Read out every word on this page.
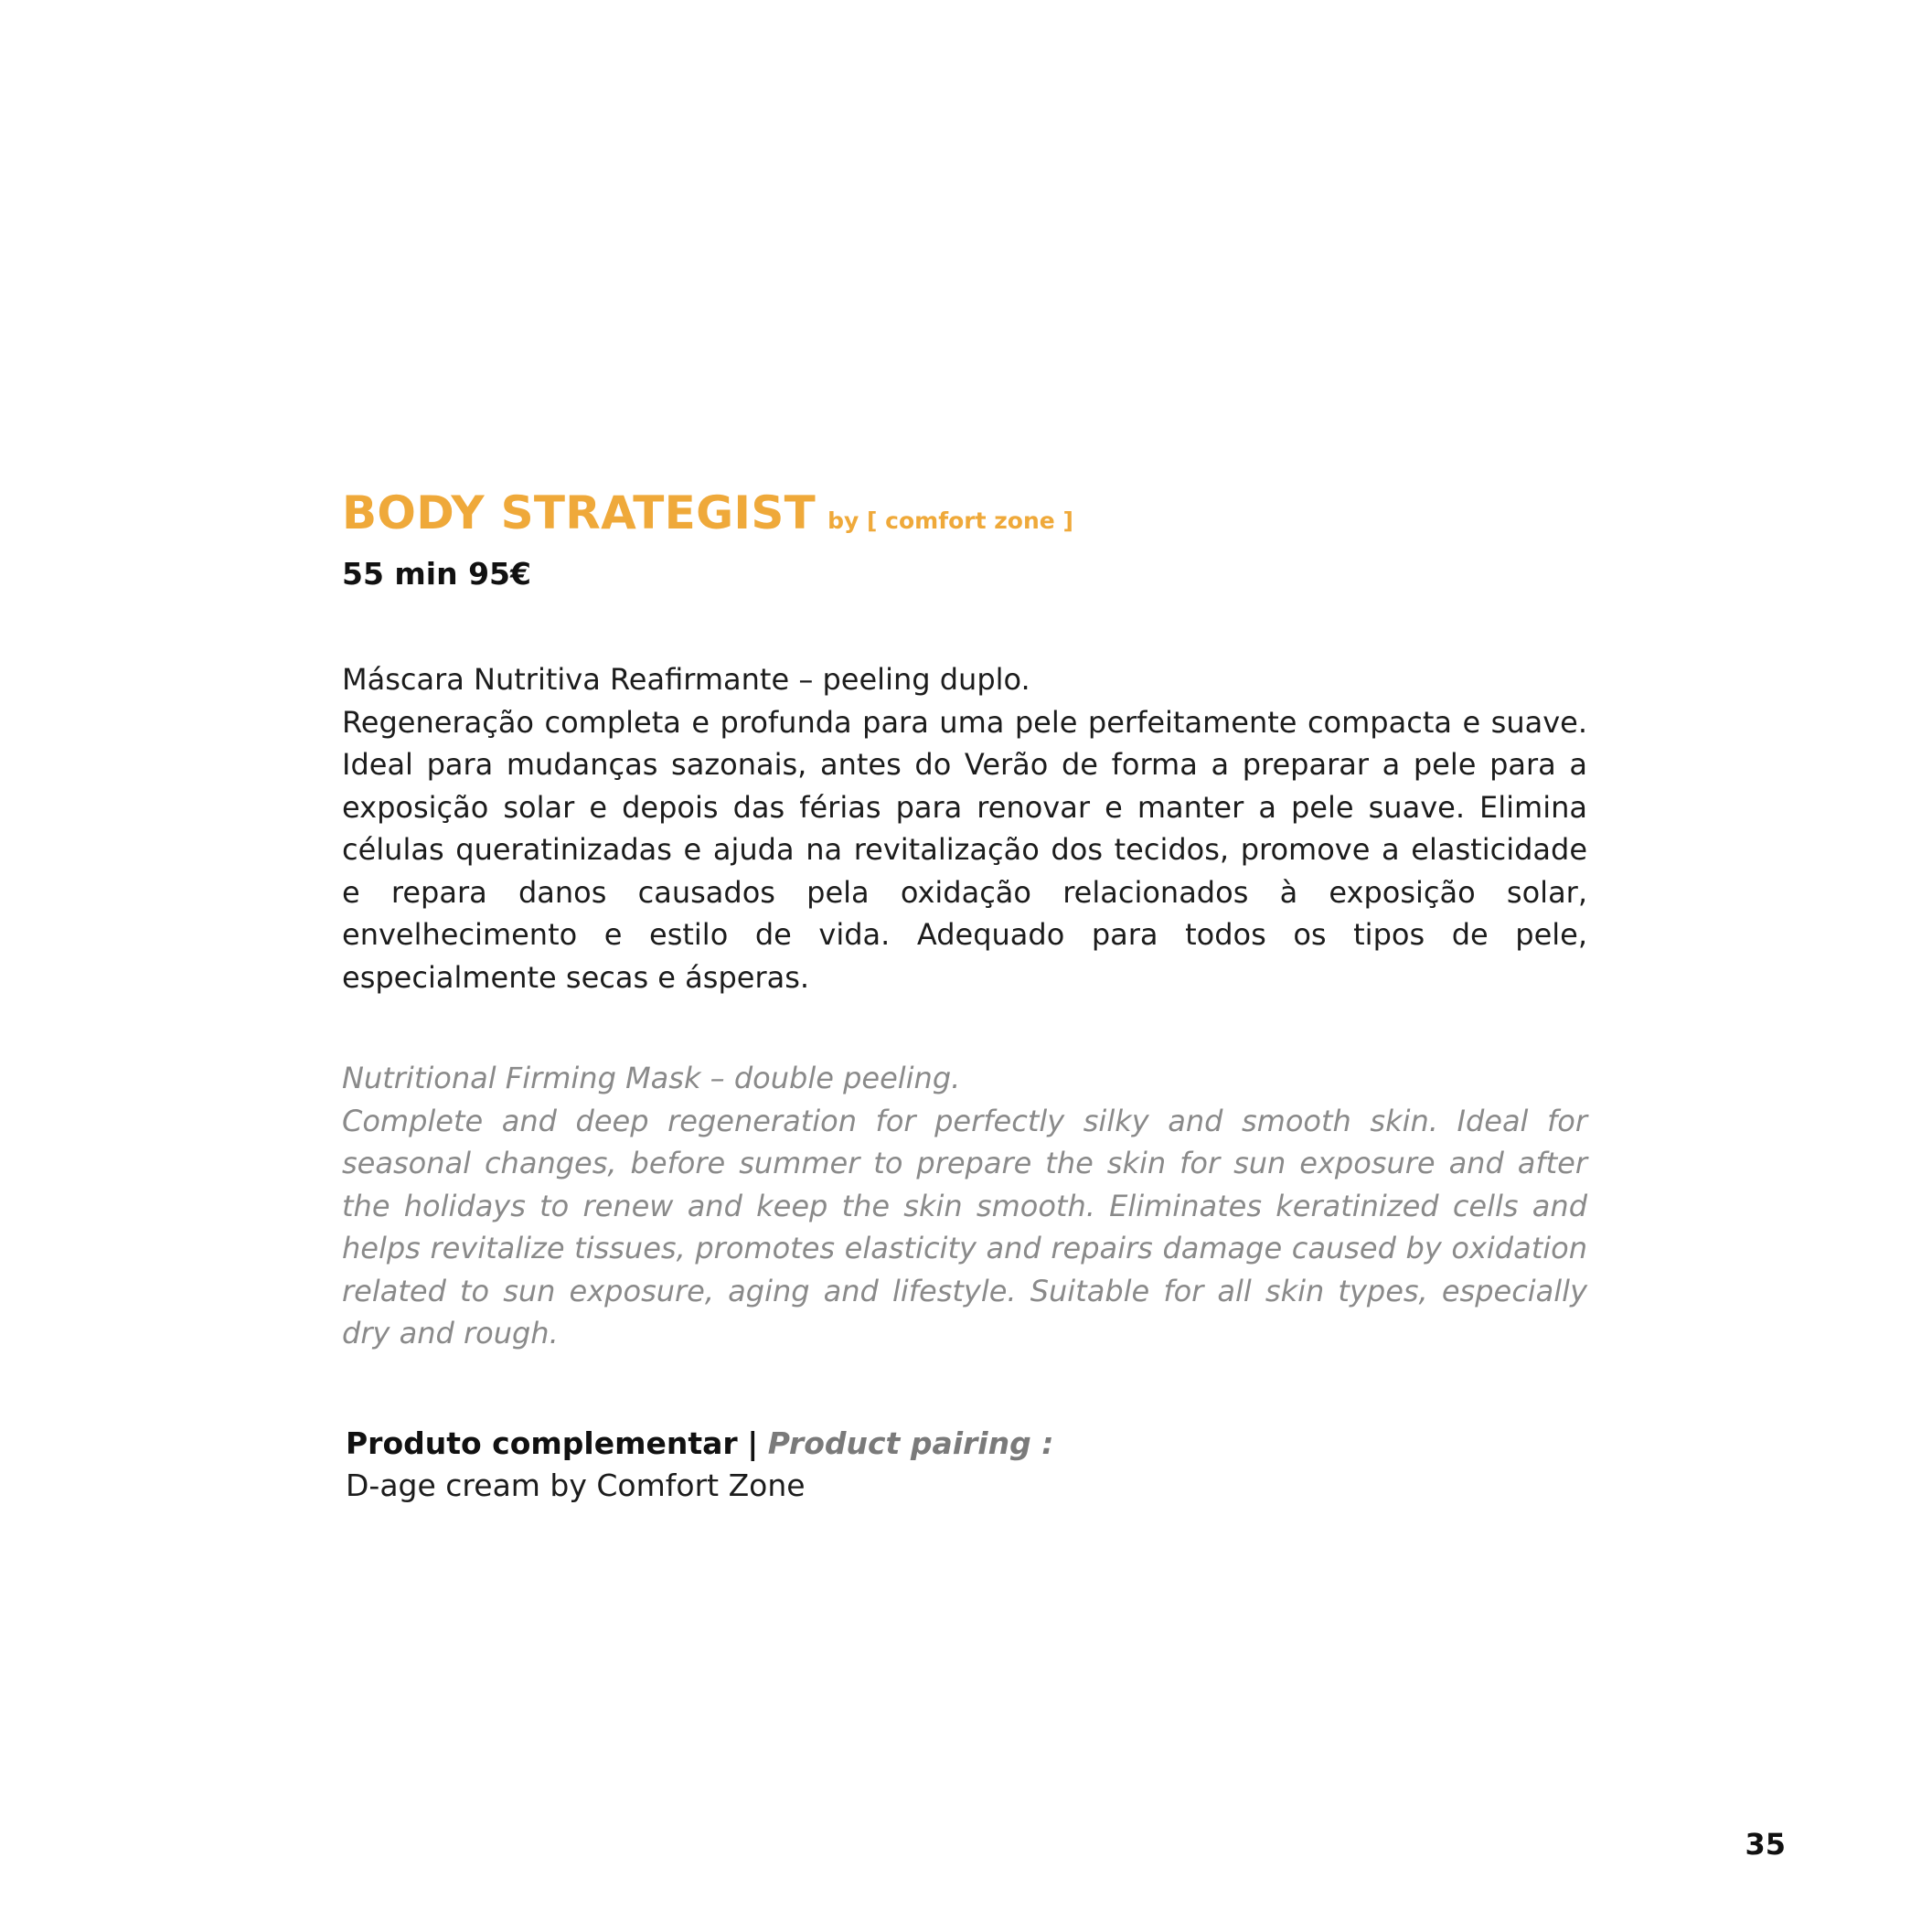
BODY STRATEGIST by [ comfort zone ]

55 min 95€

Máscara Nutritiva Reafirmante – peeling duplo.

Regeneração completa e profunda para uma pele perfeitamente compacta e suave. Ideal para mudanças sazonais, antes do Verão de forma a preparar a pele para a exposição solar e depois das férias para renovar e manter a pele suave. Elimina células queratinizadas e ajuda na revitalização dos tecidos, promove a elasticidade e repara danos causados pela oxidação relacionados à exposição solar, envelhecimento e estilo de vida. Adequado para todos os tipos de pele, especialmente secas e ásperas.

Nutritional Firming Mask – double peeling.

Complete and deep regeneration for perfectly silky and smooth skin. Ideal for seasonal changes, before summer to prepare the skin for sun exposure and after the holidays to renew and keep the skin smooth. Eliminates keratinized cells and helps revitalize tissues, promotes elasticity and repairs damage caused by oxidation related to sun exposure, aging and lifestyle. Suitable for all skin types, especially dry and rough.

Produto complementar | Product pairing :

D-age cream by Comfort Zone

35
